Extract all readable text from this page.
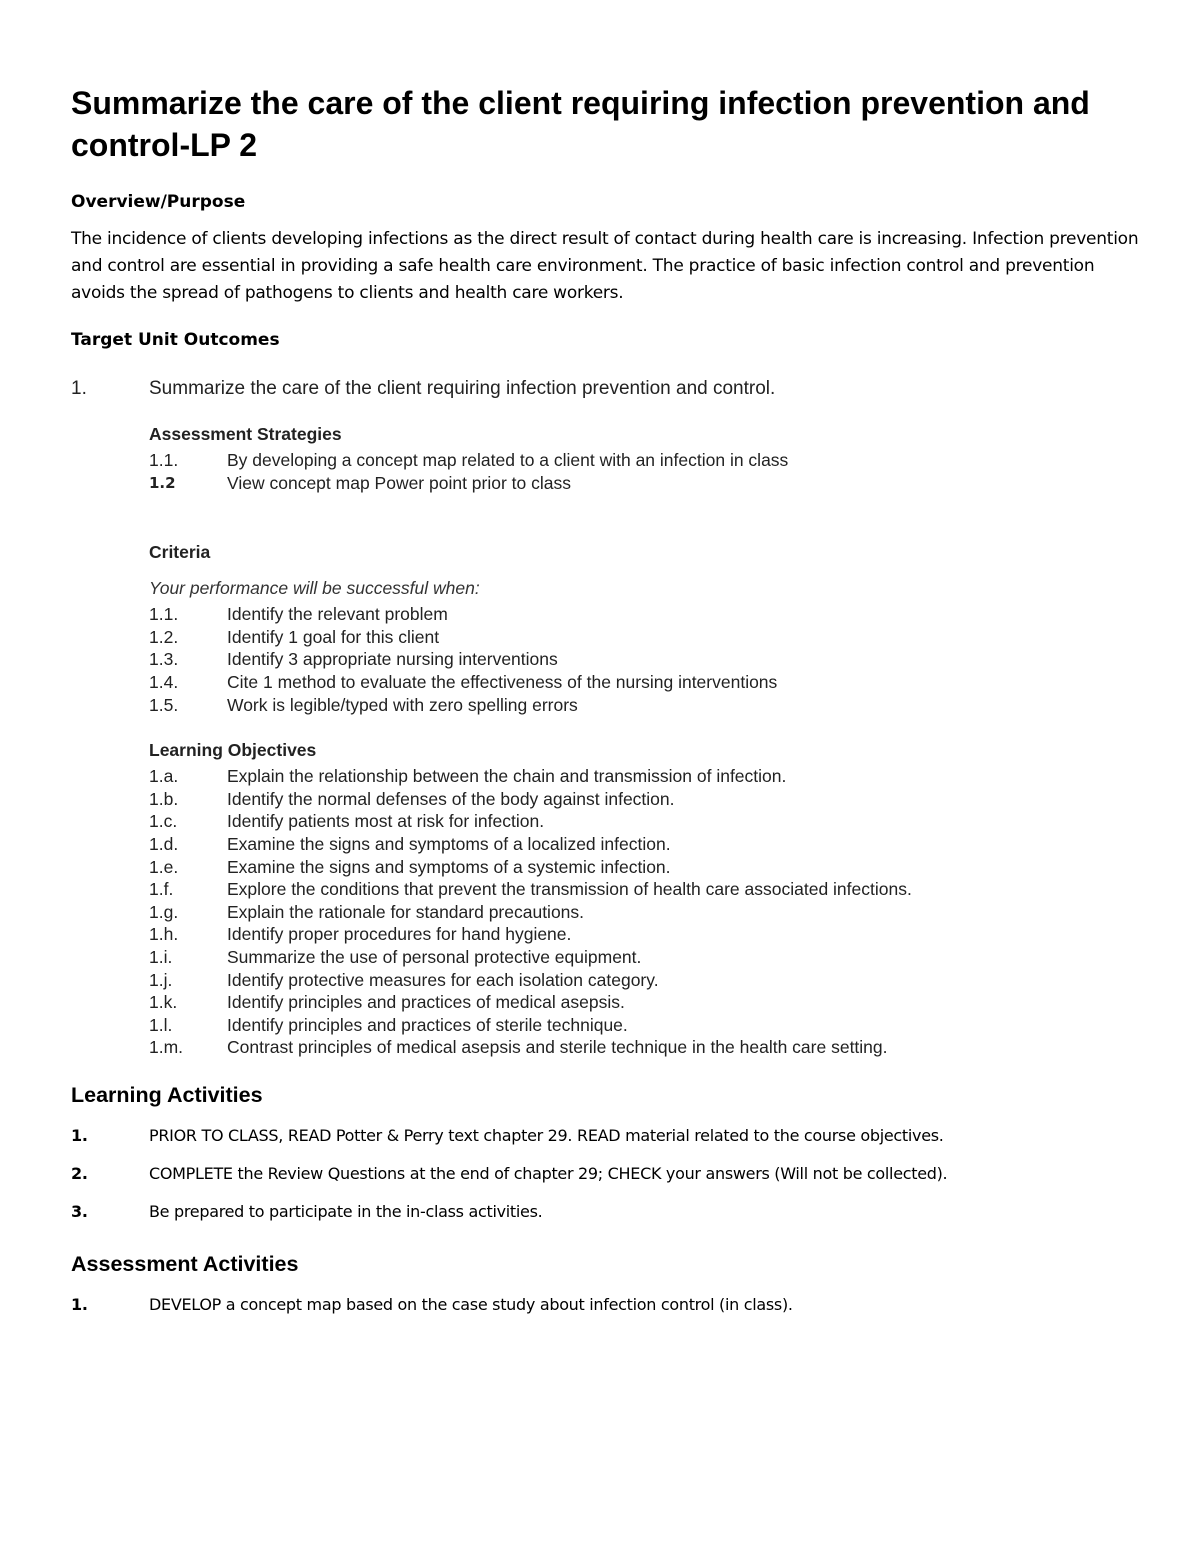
Summarize the care of the client requiring infection prevention and control-LP 2
Overview/Purpose

The incidence of clients developing infections as the direct result of contact during health care is increasing. Infection prevention and control are essential in providing a safe health care environment. The practice of basic infection control and prevention avoids the spread of pathogens to clients and health care workers.

Target Unit Outcomes
1.	Summarize the care of the client requiring infection prevention and control.
Assessment Strategies
1.1.	By developing a concept map related to a client with an infection in class
1.2	View concept map Power point prior to class
Criteria

Your performance will be successful when:

1.1.	Identify the relevant problem
1.2.	Identify 1 goal for this client
1.3.	Identify 3 appropriate nursing interventions
1.4.	Cite 1 method to evaluate the effectiveness of the nursing interventions
1.5.	Work is legible/typed with zero spelling errors
Learning Objectives
1.a.	Explain the relationship between the chain and transmission of infection.
1.b.	Identify the normal defenses of the body against infection.
1.c.	Identify patients most at risk for infection.
1.d.	Examine the signs and symptoms of a localized infection.
1.e.	Examine the signs and symptoms of a systemic infection.
1.f.	Explore the conditions that prevent the transmission of health care associated infections.
1.g.	Explain the rationale for standard precautions.
1.h.	Identify proper procedures for hand hygiene.
1.i.	Summarize the use of personal protective equipment.
1.j.	Identify protective measures for each isolation category.
1.k.	Identify principles and practices of medical asepsis.
1.l.	Identify principles and practices of sterile technique.
1.m.	Contrast principles of medical asepsis and sterile technique in the health care setting.
Learning Activities
1.	PRIOR TO CLASS, READ Potter & Perry text chapter 29. READ material related to the course objectives.
2.	COMPLETE the Review Questions at the end of chapter 29; CHECK your answers (Will not be collected).
3.	Be prepared to participate in the in-class activities.
Assessment Activities
1.	DEVELOP a concept map based on the case study about infection control (in class).
